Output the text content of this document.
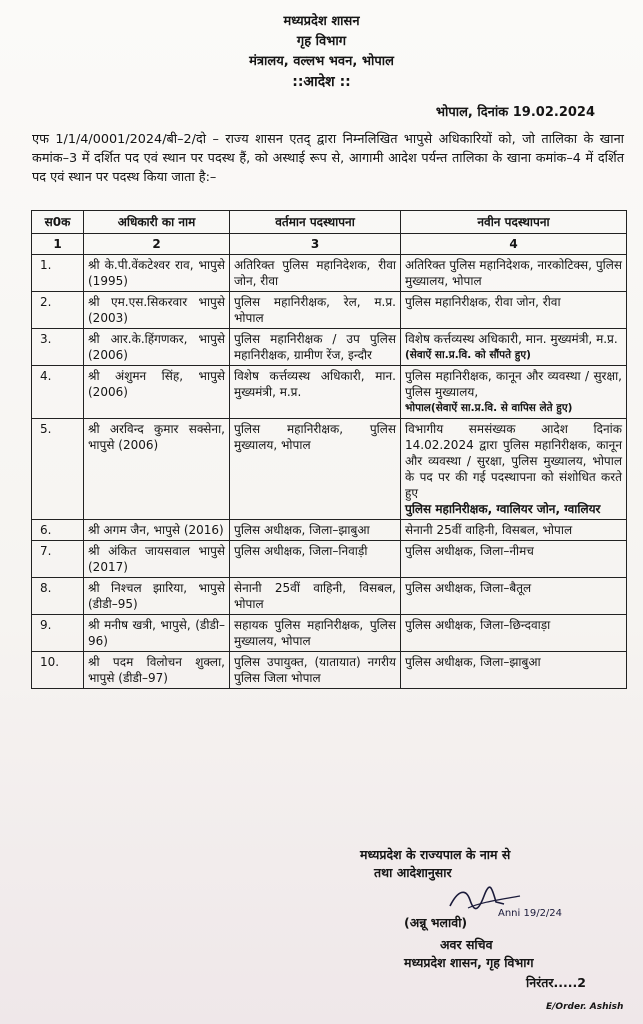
मध्यप्रदेश शासन
गृह विभाग
मंत्रालय, वल्लभ भवन, भोपाल
::आदेश ::
भोपाल, दिनांक 19.02.2024
एफ 1/1/4/0001/2024/बी–2/दो – राज्य शासन एतद् द्वारा निम्नलिखित भापुसे अधिकारियों को, जो तालिका के खाना कमांक–3 में दर्शित पद एवं स्थान पर पदस्थ हैं, को अस्थाई रूप से, आगामी आदेश पर्यन्त तालिका के खाना कमांक–4 में दर्शित पद एवं स्थान पर पदस्थ किया जाता है:–
स0क	अधिकारी का नाम	वर्तमान पदस्थापना	नवीन पदस्थापना
1	2	3	4
1.	श्री के.पी.वेंकटेश्वर राव, भापुसे (1995)	अतिरिक्त पुलिस महानिदेशक, रीवा जोन, रीवा	अतिरिक्त पुलिस महानिदेशक, नारकोटिक्स, पुलिस मुख्यालय, भोपाल
2.	श्री एम.एस.सिकरवार भापुसे (2003)	पुलिस महानिरीक्षक, रेल, म.प्र. भोपाल	पुलिस महानिरीक्षक, रीवा जोन, रीवा
3.	श्री आर.के.हिंगणकर, भापुसे (2006)	पुलिस महानिरीक्षक / उप पुलिस महानिरीक्षक, ग्रामीण रेंज, इन्दौर	विशेष कर्त्तव्यस्थ अधिकारी, मान. मुख्यमंत्री, म.प्र.
(सेवाऐं सा.प्र.वि. को सौंपते हुए)

4.	श्री अंशुमन सिंह, भापुसे (2006)	विशेष कर्त्तव्यस्थ अधिकारी, मान. मुख्यमंत्री, म.प्र.	पुलिस महानिरीक्षक, कानून और व्यवस्था / सुरक्षा, पुलिस मुख्यालय,
भोपाल(सेवाऐं सा.प्र.वि. से वापिस लेते हुए)

5.	श्री अरविन्द कुमार सक्सेना, भापुसे (2006)	पुलिस महानिरीक्षक, पुलिस मुख्यालय, भोपाल	विभागीय समसंख्यक आदेश दिनांक 14.02.2024 द्वारा पुलिस महानिरीक्षक, कानून और व्यवस्था / सुरक्षा, पुलिस मुख्यालय, भोपाल के पद पर की गई पदस्थापना को संशोधित करते हुए
पुलिस महानिरीक्षक, ग्वालियर जोन, ग्वालियर

6.	श्री अगम जैन, भापुसे (2016)	पुलिस अधीक्षक, जिला–झाबुआ	सेनानी 25वीं वाहिनी, विसबल, भोपाल
7.	श्री अंकित जायसवाल भापुसे (2017)	पुलिस अधीक्षक, जिला–निवाड़ी	पुलिस अधीक्षक, जिला–नीमच
8.	श्री निश्चल झारिया, भापुसे (डीडी–95)	सेनानी 25वीं वाहिनी, विसबल, भोपाल	पुलिस अधीक्षक, जिला–बैतूल
9.	श्री मनीष खत्री, भापुसे, (डीडी–96)	सहायक पुलिस महानिरीक्षक, पुलिस मुख्यालय, भोपाल	पुलिस अधीक्षक, जिला–छिन्दवाड़ा
10.	श्री पदम विलोचन शुक्ला, भापुसे (डीडी–97)	पुलिस उपायुक्त, (यातायात) नगरीय पुलिस जिला भोपाल	पुलिस अधीक्षक, जिला–झाबुआ
मध्यप्रदेश के राज्यपाल के नाम से
तथा आदेशानुसार
Anni 19/2/24
(अन्नू भलावी)
अवर सचिव
मध्यप्रदेश शासन, गृह विभाग
निरंतर.....2
E/Order. Ashish
